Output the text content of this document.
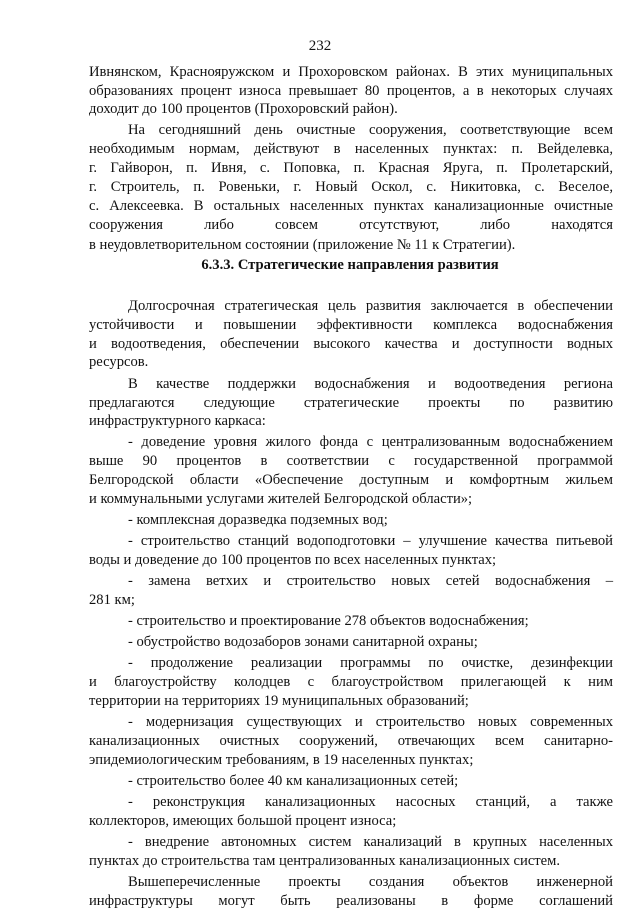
232
Ивнянском, Краснояружском и Прохоровском районах. В этих муниципальных
образованиях процент износа превышает 80 процентов, а в некоторых случаях
доходит до 100 процентов (Прохоровский район).
На сегодняшний день очистные сооружения, соответствующие всем
необходимым нормам, действуют в населенных пунктах: п. Вейделевка,
г. Гайворон, п. Ивня, с. Поповка, п. Красная Яруга, п. Пролетарский,
г. Строитель, п. Ровеньки, г. Новый Оскол, с. Никитовка, с. Веселое,
с. Алексеевка. В остальных населенных пунктах канализационные очистные
сооружения либо совсем отсутствуют, либо находятся
в неудовлетворительном состоянии (приложение № 11 к Стратегии).
6.3.3. Стратегические направления развития
Долгосрочная стратегическая цель развития заключается в обеспечении
устойчивости и повышении эффективности комплекса водоснабжения
и водоотведения, обеспечении высокого качества и доступности водных
ресурсов.
В качестве поддержки водоснабжения и водоотведения региона
предлагаются следующие стратегические проекты по развитию
инфраструктурного каркаса:
- доведение уровня жилого фонда с централизованным водоснабжением
выше 90 процентов в соответствии с государственной программой
Белгородской области «Обеспечение доступным и комфортным жильем
и коммунальными услугами жителей Белгородской области»;
- комплексная доразведка подземных вод;
- строительство станций водоподготовки – улучшение качества питьевой
воды и доведение до 100 процентов по всех населенных пунктах;
- замена ветхих и строительство новых сетей водоснабжения –
281 км;
- строительство и проектирование 278 объектов водоснабжения;
- обустройство водозаборов зонами санитарной охраны;
- продолжение реализации программы по очистке, дезинфекции
и благоустройству колодцев с благоустройством прилегающей к ним
территории на территориях 19 муниципальных образований;
- модернизация существующих и строительство новых современных
канализационных очистных сооружений, отвечающих всем санитарно-
эпидемиологическим требованиям, в 19 населенных пунктах;
- строительство более 40 км канализационных сетей;
- реконструкция канализационных насосных станций, а также
коллекторов, имеющих большой процент износа;
- внедрение автономных систем канализаций в крупных населенных
пунктах до строительства там централизованных канализационных систем.
Вышеперечисленные проекты создания объектов инженерной
инфраструктуры могут быть реализованы в форме соглашений
